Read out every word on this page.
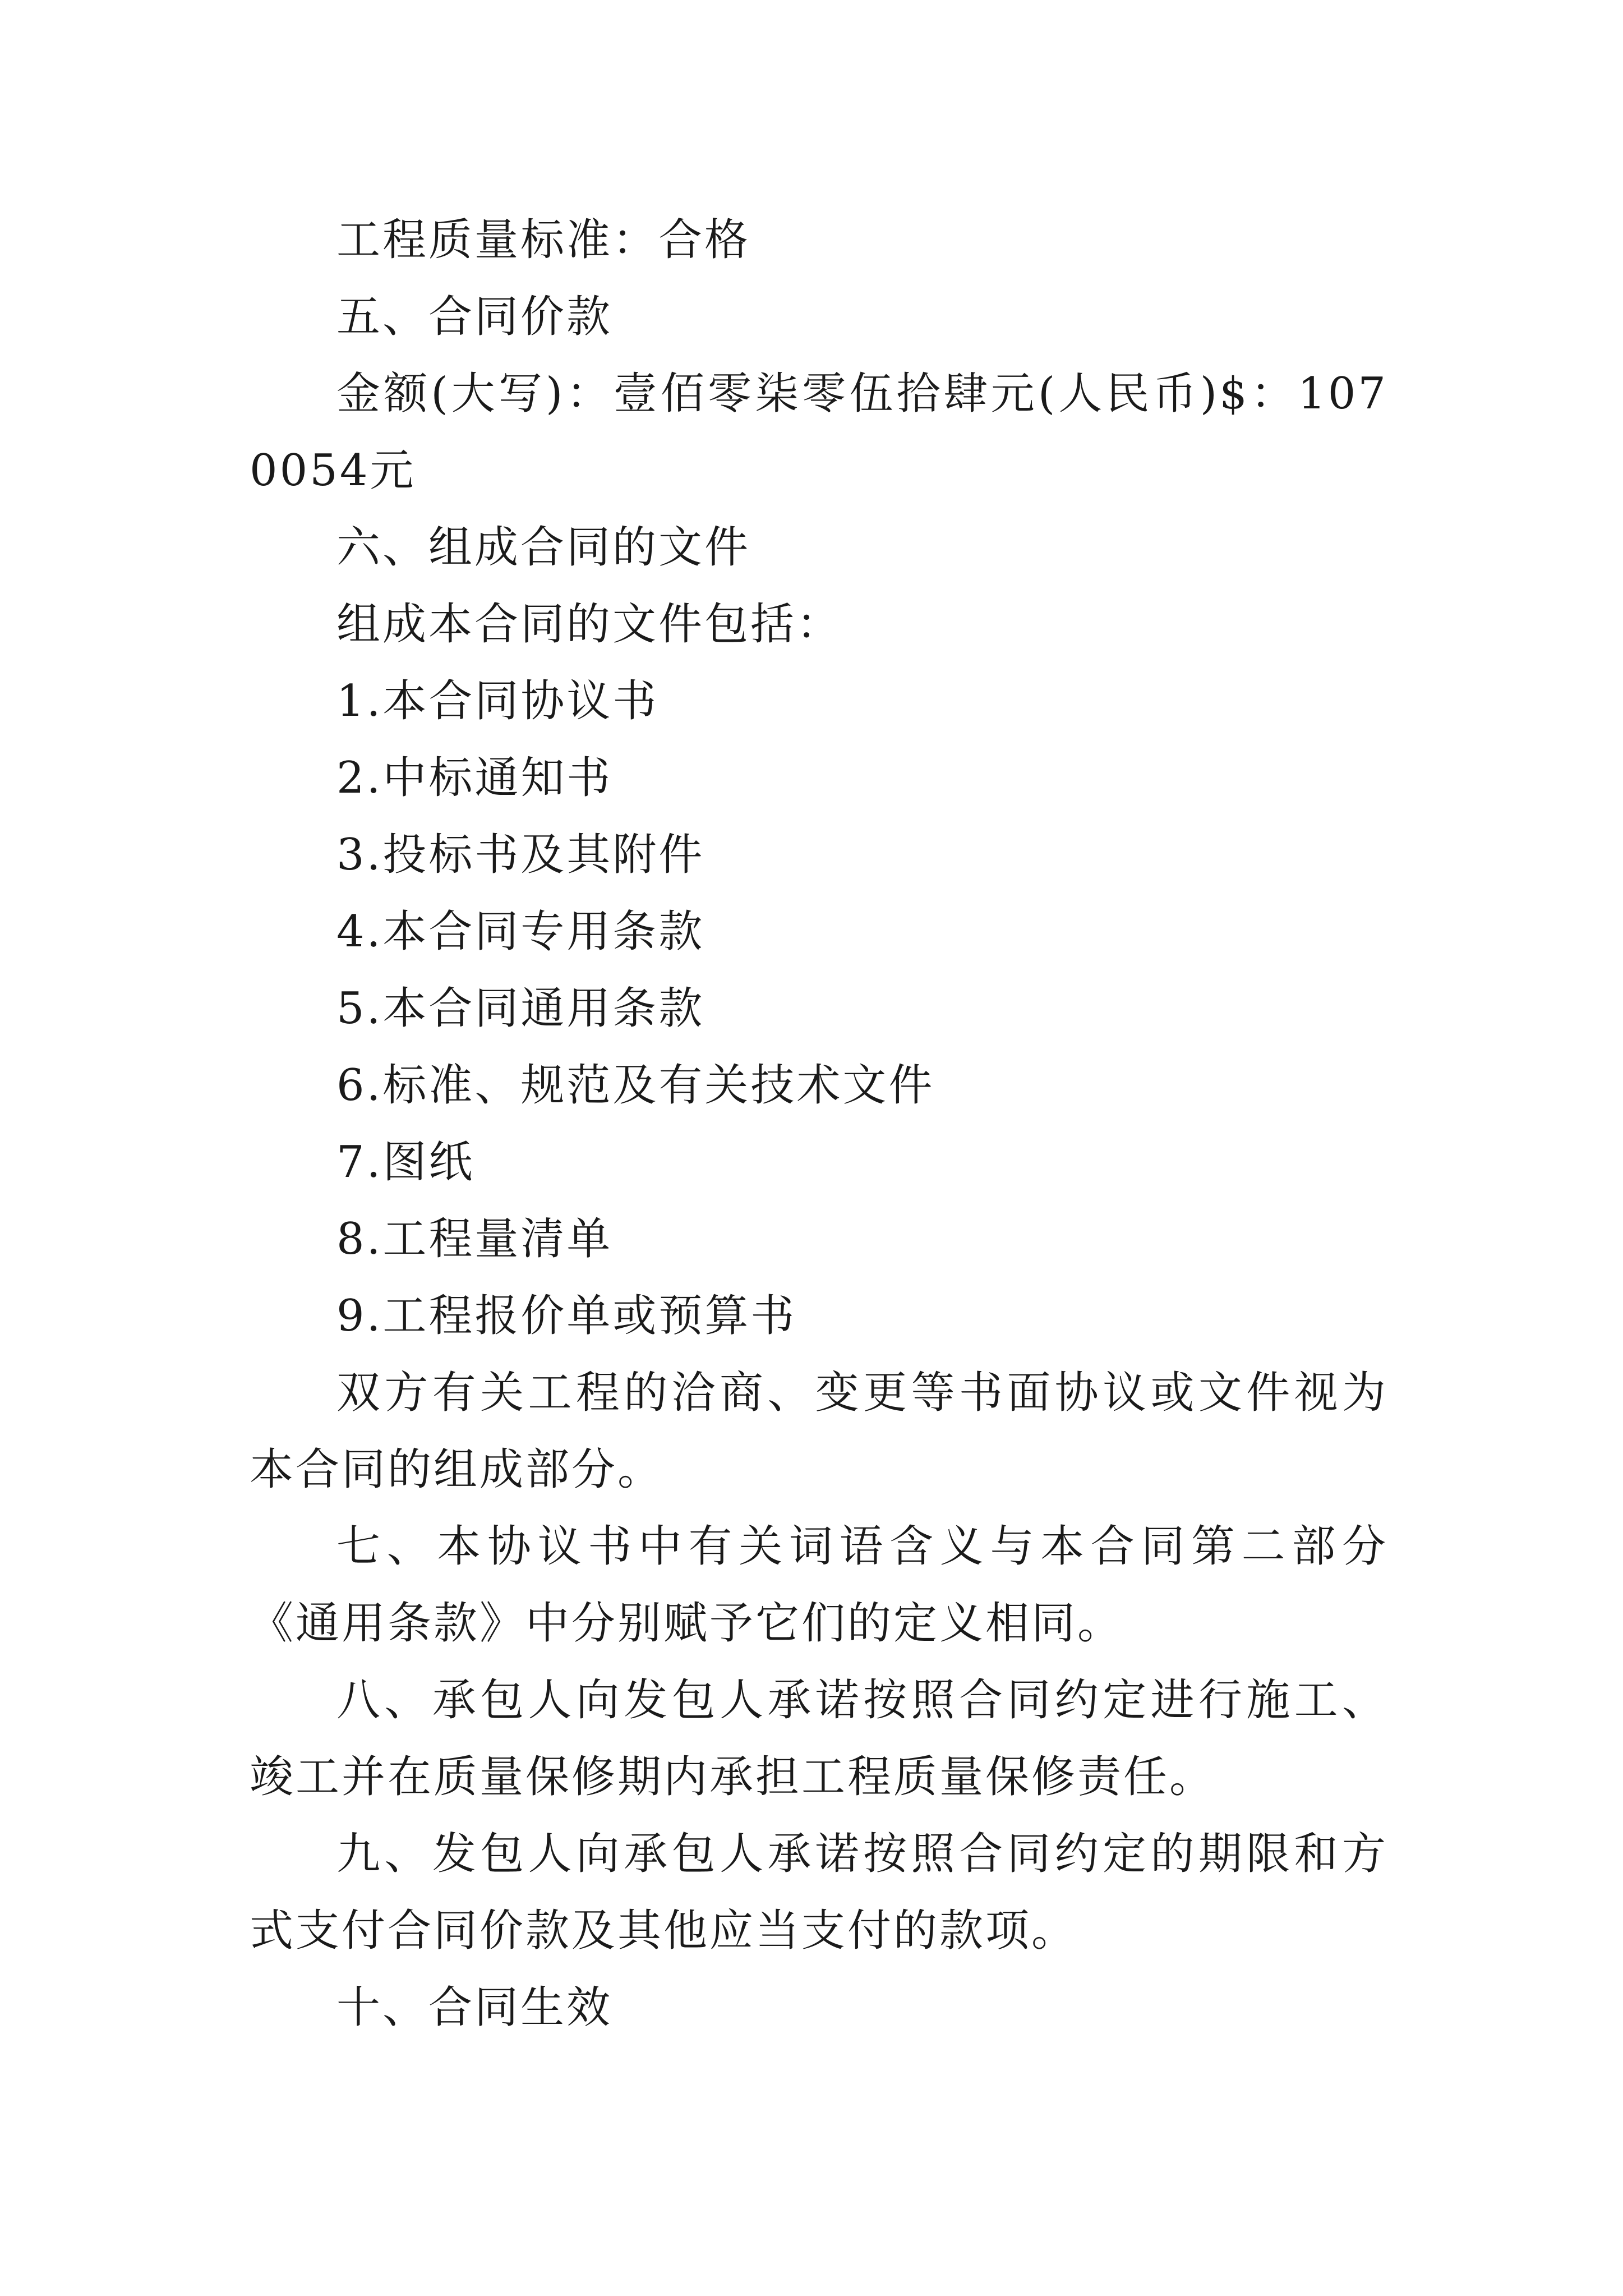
工程质量标准：合格

五、合同价款

金额(大写)：壹佰零柒零伍拾肆元(人民币)$：1070054元

六、组成合同的文件

组成本合同的文件包括：

1.本合同协议书

2.中标通知书

3.投标书及其附件

4.本合同专用条款

5.本合同通用条款

6.标准、规范及有关技术文件

7.图纸

8.工程量清单

9.工程报价单或预算书

双方有关工程的洽商、变更等书面协议或文件视为本合同的组成部分。

七、本协议书中有关词语含义与本合同第二部分《通用条款》中分别赋予它们的定义相同。

八、承包人向发包人承诺按照合同约定进行施工、竣工并在质量保修期内承担工程质量保修责任。

九、发包人向承包人承诺按照合同约定的期限和方式支付合同价款及其他应当支付的款项。

十、合同生效
